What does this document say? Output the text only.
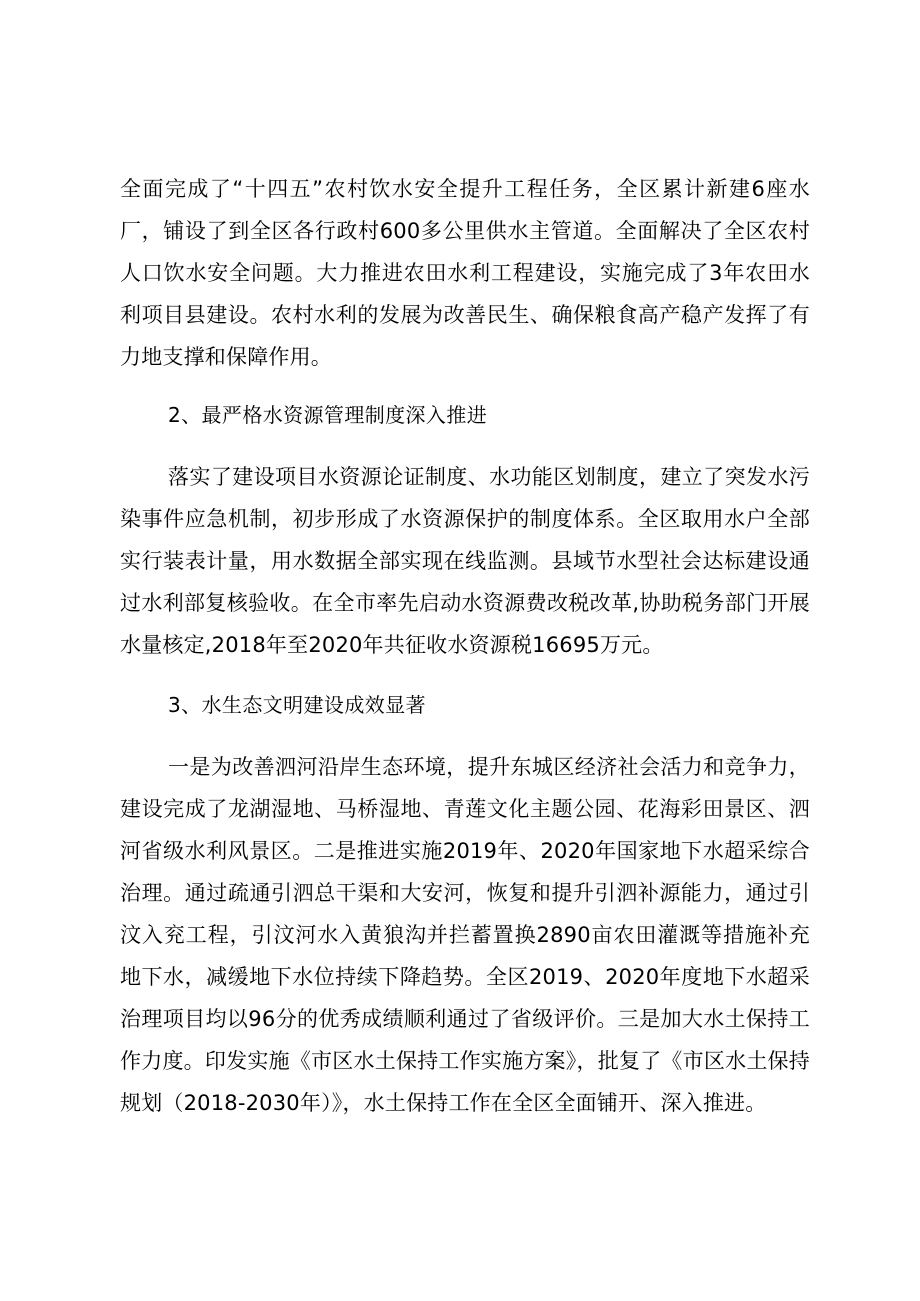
全面完成了“十四五”农村饮水安全提升工程任务，全区累计新建6座水厂，铺设了到全区各行政村600多公里供水主管道。全面解决了全区农村人口饮水安全问题。大力推进农田水利工程建设，实施完成了3年农田水利项目县建设。农村水利的发展为改善民生、确保粮食高产稳产发挥了有力地支撑和保障作用。

2、最严格水资源管理制度深入推进

落实了建设项目水资源论证制度、水功能区划制度，建立了突发水污染事件应急机制，初步形成了水资源保护的制度体系。全区取用水户全部实行装表计量，用水数据全部实现在线监测。县域节水型社会达标建设通过水利部复核验收。在全市率先启动水资源费改税改革,协助税务部门开展水量核定,2018年至2020年共征收水资源税16695万元。

3、水生态文明建设成效显著

一是为改善泗河沿岸生态环境，提升东城区经济社会活力和竞争力，建设完成了龙湖湿地、马桥湿地、青莲文化主题公园、花海彩田景区、泗河省级水利风景区。二是推进实施2019年、2020年国家地下水超采综合治理。通过疏通引泗总干渠和大安河，恢复和提升引泗补源能力，通过引汶入兖工程，引汶河水入黄狼沟并拦蓄置换2890亩农田灌溉等措施补充地下水，减缓地下水位持续下降趋势。全区2019、2020年度地下水超采治理项目均以96分的优秀成绩顺利通过了省级评价。三是加大水土保持工作力度。印发实施《市区水土保持工作实施方案》，批复了《市区水土保持规划（2018-2030年）》，水土保持工作在全区全面铺开、深入推进。
